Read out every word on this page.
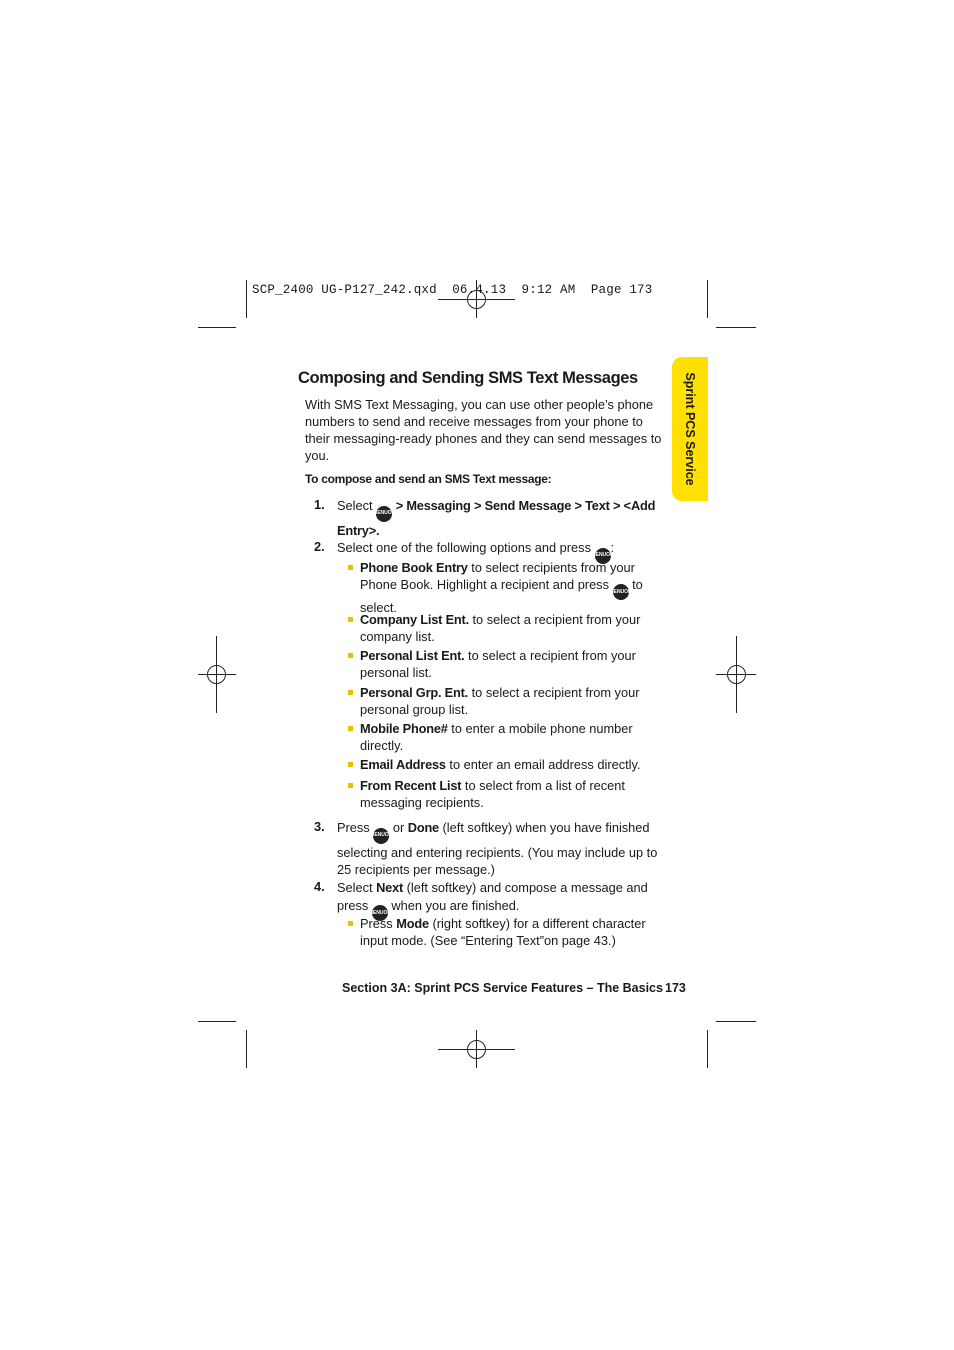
SCP_2400 UG-P127_242.qxd  06.4.13  9:12 AM  Page 173
Sprint PCS Service
Composing and Sending SMS Text Messages

With SMS Text Messaging, you can use other people’s phone numbers to send and receive messages from your phone to their messaging-ready phones and they can send messages to you.

To compose and send an SMS Text message:
1. Select MENU OK > Messaging > Send Message > Text > <Add Entry>.
2. Select one of the following options and press MENU OK
:
Phone Book Entry to select recipients from your Phone Book. Highlight a recipient and press MENU OK
to select.
Company List Ent. to select a recipient from your company list.
Personal List Ent. to select a recipient from your personal list.
Personal Grp. Ent. to select a recipient from your personal group list.
Mobile Phone# to enter a mobile phone number directly.
Email Address to enter an email address directly.
From Recent List to select from a list of recent messaging recipients.
3. Press MENU OK
or Done (left softkey) when you have finished selecting and entering recipients. (You may include up to 25 recipients per message.)
4. Select Next (left softkey) and compose a message and press MENU OK
when you are finished.
Press Mode (right softkey) for a different character input mode. (See “Entering Text”on page 43.)
Section 3A: Sprint PCS Service Features – The Basics 173
